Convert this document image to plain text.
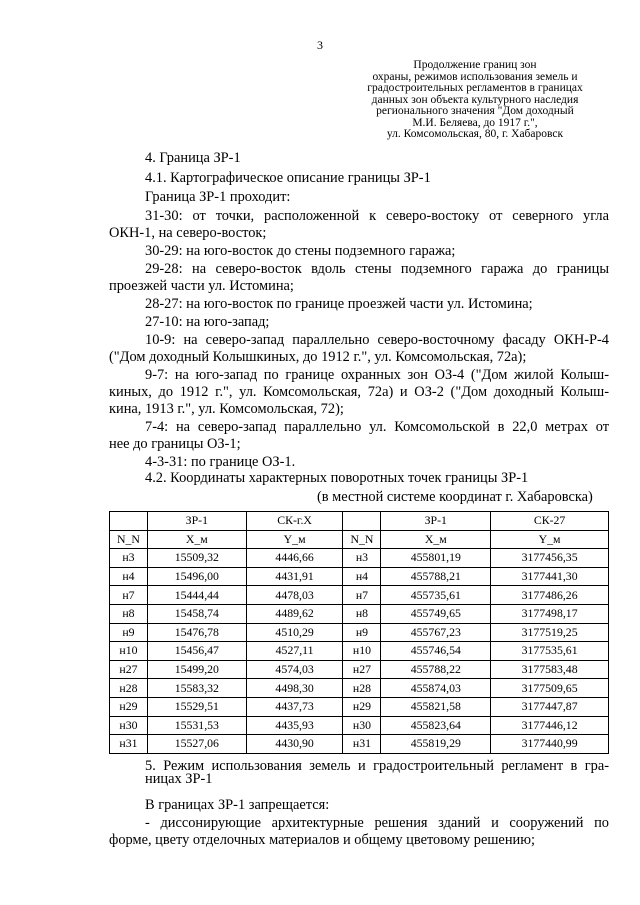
3
Продолжение границ зон
охраны, режимов использования земель и
градостроительных регламентов в границах
данных зон объекта культурного наследия
регионального значения "Дом доходный
М.И. Беляева, до 1917 г.",
ул. Комсомольская, 80, г. Хабаровск
4. Граница ЗР-1
4.1. Картографическое описание границы ЗР-1
Граница ЗР-1 проходит:
31-30: от точки, расположенной к северо-востоку от северного угла
ОКН-1, на северо-восток;
30-29: на юго-восток до стены подземного гаража;
29-28: на северо-восток вдоль стены подземного гаража до границы
проезжей части ул. Истомина;
28-27: на юго-восток по границе проезжей части ул. Истомина;
27-10: на юго-запад;
10-9: на северо-запад параллельно северо-восточному фасаду ОКН-Р-4
("Дом доходный Колышкиных, до 1912 г.", ул. Комсомольская, 72а);
9-7: на юго-запад по границе охранных зон ОЗ-4 ("Дом жилой Колыш-
киных, до 1912 г.", ул. Комсомольская, 72а) и ОЗ-2 ("Дом доходный Колыш-
кина, 1913 г.", ул. Комсомольская, 72);
7-4: на северо-запад параллельно ул. Комсомольской в 22,0 метрах от
нее до границы ОЗ-1;
4-3-31: по границе ОЗ-1.
4.2. Координаты характерных поворотных точек границы ЗР-1
(в местной системе координат г. Хабаровска)
	ЗР-1	СК-г.Х		ЗР-1	СК-27
N_N	X_м	Y_м	N_N	X_м	Y_м
н3	15509,32	4446,66	н3	455801,19	3177456,35
н4	15496,00	4431,91	н4	455788,21	3177441,30
н7	15444,44	4478,03	н7	455735,61	3177486,26
н8	15458,74	4489,62	н8	455749,65	3177498,17
н9	15476,78	4510,29	н9	455767,23	3177519,25
н10	15456,47	4527,11	н10	455746,54	3177535,61
н27	15499,20	4574,03	н27	455788,22	3177583,48
н28	15583,32	4498,30	н28	455874,03	3177509,65
н29	15529,51	4437,73	н29	455821,58	3177447,87
н30	15531,53	4435,93	н30	455823,64	3177446,12
н31	15527,06	4430,90	н31	455819,29	3177440,99
5. Режим использования земель и градостроительный регламент в гра-
ницах ЗР-1
В границах ЗР-1 запрещается:
- диссонирующие архитектурные решения зданий и сооружений по
форме, цвету отделочных материалов и общему цветовому решению;
